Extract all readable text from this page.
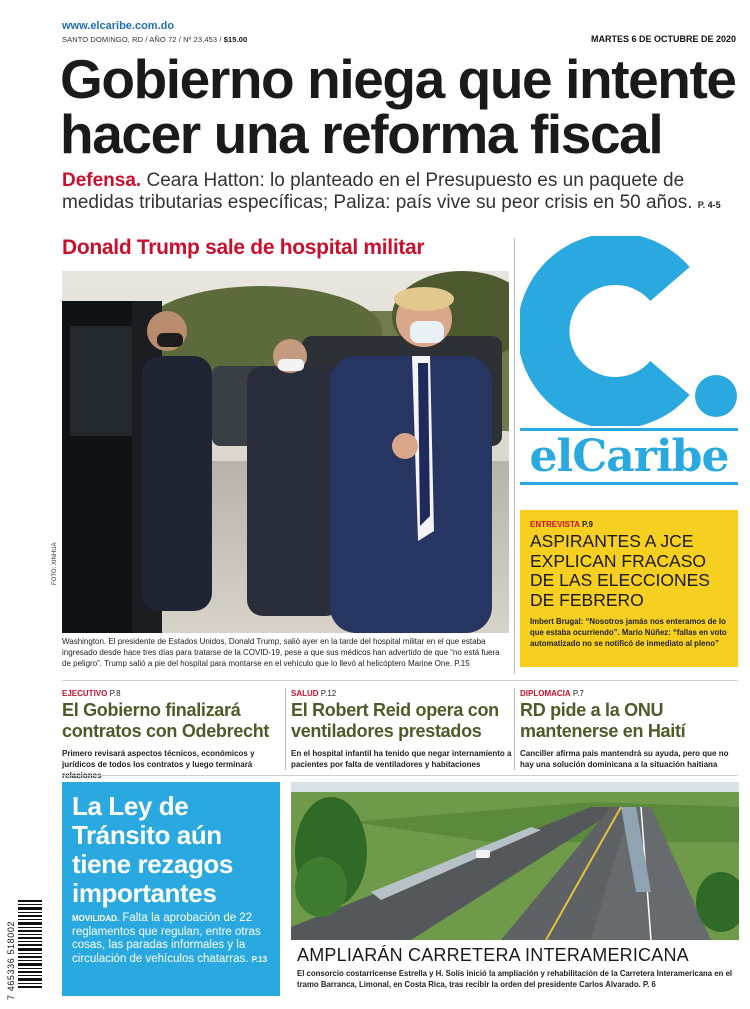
www.elcaribe.com.do
SANTO DOMINGO, RD / AÑO 72 / Nº 23,453 / $15.00	MARTES 6 DE OCTUBRE DE 2020
Gobierno niega que intente
hacer una reforma fiscal
Defensa. Ceara Hatton: lo planteado en el Presupuesto es un paquete de medidas tributarias específicas; Paliza: país vive su peor crisis en 50 años. P. 4-5
Donald Trump sale de hospital militar
FOTO: XINHUA
Washington. El presidente de Estados Unidos, Donald Trump, salió ayer en la tarde del hospital militar en el que estaba ingresado desde hace tres días para tratarse de la COVID-19, pese a que sus médicos han advertido de que “no está fuera de peligro”. Trump salió a pie del hospital para montarse en el vehículo que lo llevó al helicóptero Marine One. P.15
elCaribe
ENTREVISTA P.9
ASPIRANTES A JCE EXPLICAN FRACASO DE LAS ELECCIONES DE FEBRERO
Imbert Brugal: “Nosotros jamás nos enteramos de lo que estaba ocurriendo”. Mario Núñez: “fallas en voto automatizado no se notificó de inmediato al pleno”
EJECUTIVO P.8
El Gobierno finalizará contratos con Odebrecht
Primero revisará aspectos técnicos, económicos y jurídicos de todos los contratos y luego terminará
SALUD P.12
El Robert Reid opera con ventiladores prestados
En el hospital infantil ha tenido que negar internamiento a pacientes por falta de ventiladores y habitaciones
DIPLOMACIA P.7
RD pide a la ONU mantenerse en Haití
Canciller afirma país mantendrá su ayuda, pero que no hay una solución dominicana a la situación haitiana
La Ley de Tránsito aún tiene rezagos importantes
MOVILIDAD. Falta la aprobación de 22 reglamentos que regulan, entre otras cosas, las paradas informales y la circulación de vehículos chatarras. P.13
7 465336 518002	AMPLIARÁN CARRETERA INTERAMERICANA
El consorcio costarricense Estrella y H. Solís inició la ampliación y rehabilitación de la Carretera Interamericana en el tramo Barranca, Limonal, en Costa Rica, tras recibir la orden del presidente Carlos Alvarado. P. 6
